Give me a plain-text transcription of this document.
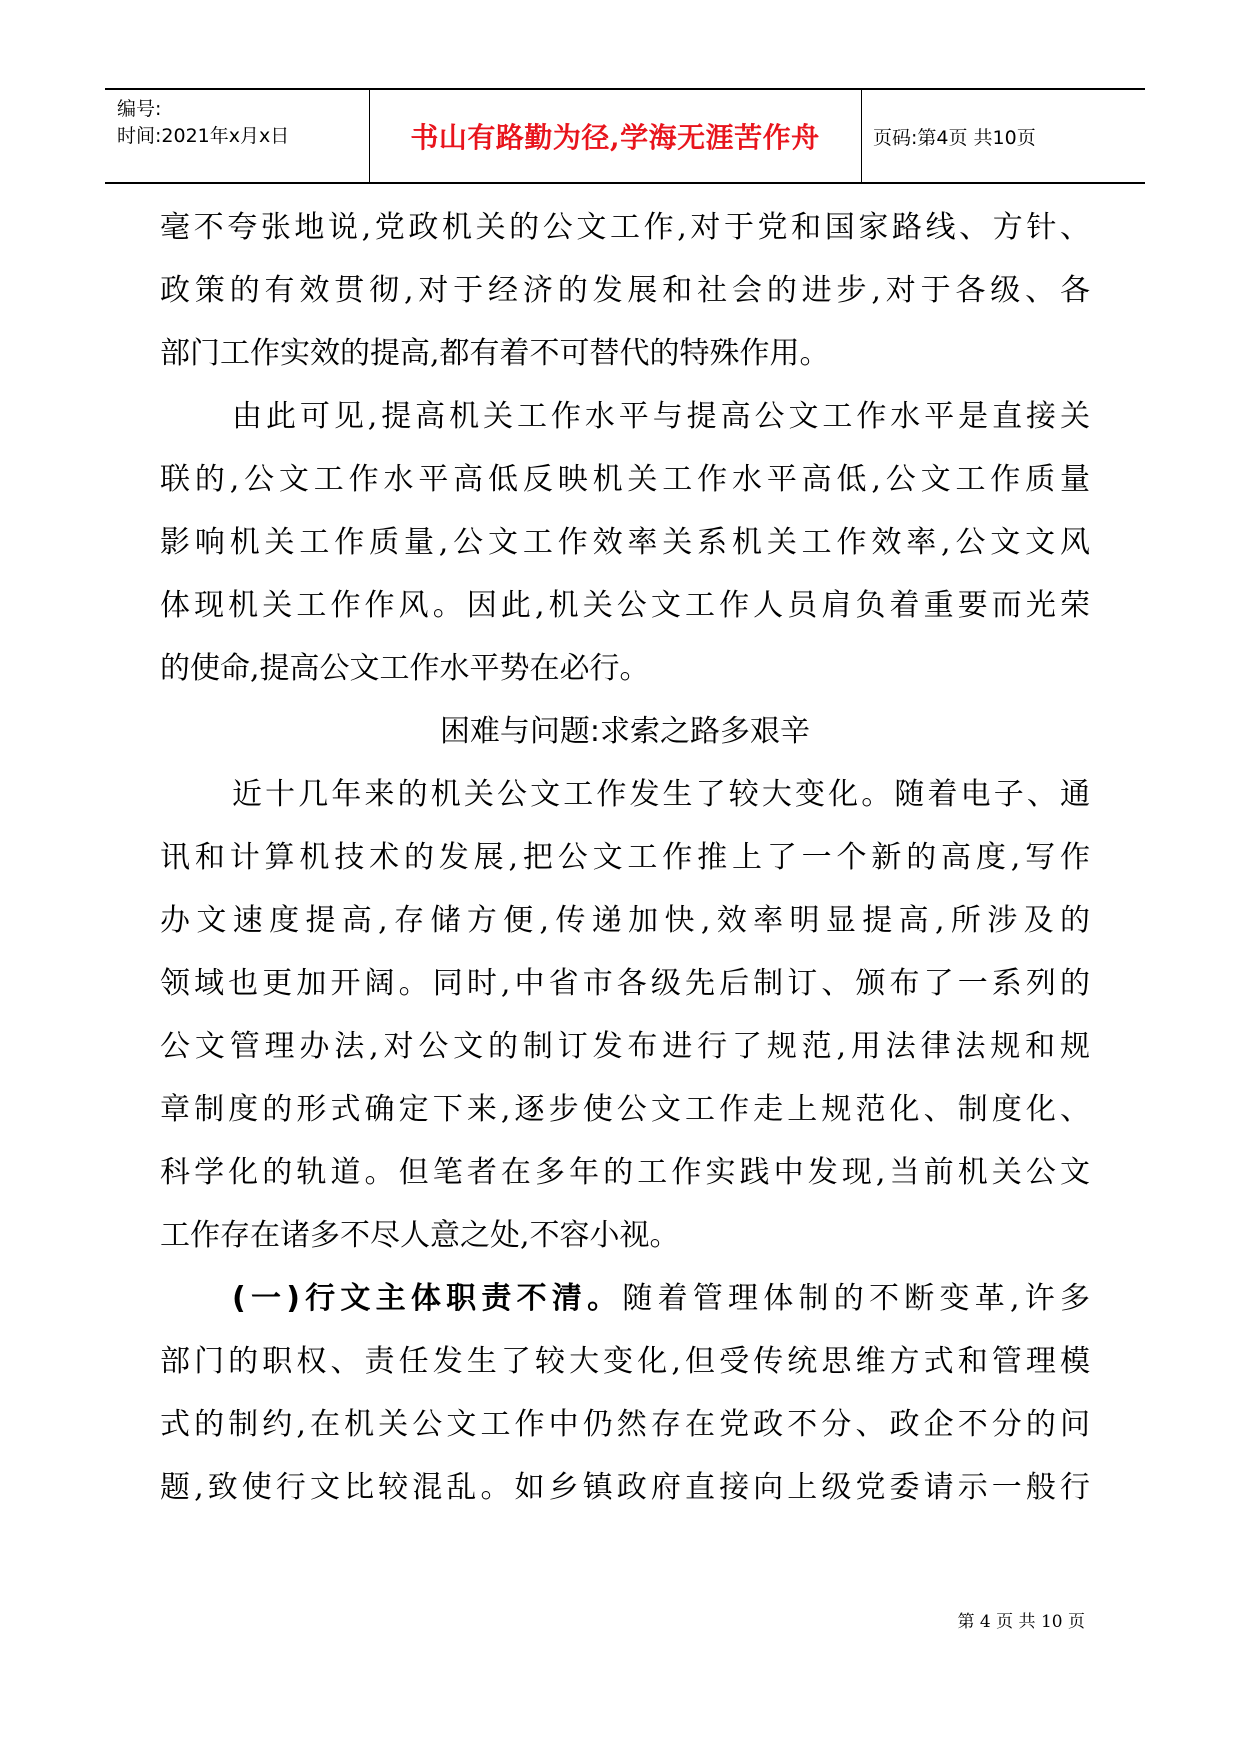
编号:
时间:2021年x月x日	书山有路勤为径,学海无涯苦作舟	页码:第4页 共10页
毫不夸张地说,党政机关的公文工作,对于党和国家路线、方针、
政策的有效贯彻,对于经济的发展和社会的进步,对于各级、各
部门工作实效的提高,都有着不可替代的特殊作用。
由此可见,提高机关工作水平与提高公文工作水平是直接关
联的,公文工作水平高低反映机关工作水平高低,公文工作质量
影响机关工作质量,公文工作效率关系机关工作效率,公文文风
体现机关工作作风。因此,机关公文工作人员肩负着重要而光荣
的使命,提高公文工作水平势在必行。
困难与问题:求索之路多艰辛
近十几年来的机关公文工作发生了较大变化。随着电子、通
讯和计算机技术的发展,把公文工作推上了一个新的高度,写作
办文速度提高,存储方便,传递加快,效率明显提高,所涉及的
领域也更加开阔。同时,中省市各级先后制订、颁布了一系列的
公文管理办法,对公文的制订发布进行了规范,用法律法规和规
章制度的形式确定下来,逐步使公文工作走上规范化、制度化、
科学化的轨道。但笔者在多年的工作实践中发现,当前机关公文
工作存在诸多不尽人意之处,不容小视。
(一)行文主体职责不清。随着管理体制的不断变革,许多
部门的职权、责任发生了较大变化,但受传统思维方式和管理模
式的制约,在机关公文工作中仍然存在党政不分、政企不分的问
题,致使行文比较混乱。如乡镇政府直接向上级党委请示一般行
第 4 页 共 10 页
